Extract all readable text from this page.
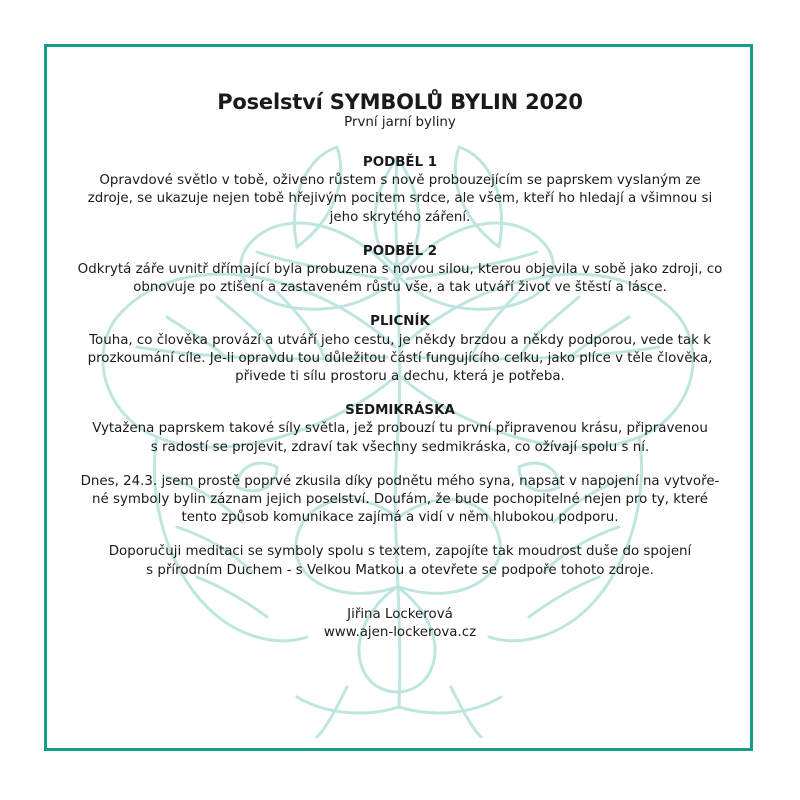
Poselství SYMBOLŮ BYLIN 2020

První jarní byliny

PODBĚL 1

Opravdové světlo v tobě, oživeno růstem s nově probouzejícím se paprskem vyslaným ze
zdroje, se ukazuje nejen tobě hřejivým pocitem srdce, ale všem, kteří ho hledají a všimnou si
jeho skrytého záření.

PODBĚL 2

Odkrytá záře uvnitř dřímající byla probuzena s novou silou, kterou objevila v sobě jako zdroji, co
obnovuje po ztišení a zastaveném růstu vše, a tak utváří život ve štěstí a lásce.

PLICNÍK

Touha, co člověka provází a utváří jeho cestu, je někdy brzdou a někdy podporou, vede tak k
prozkoumání cíle. Je-li opravdu tou důležitou částí fungujícího celku, jako plíce v těle člověka,
přivede ti sílu prostoru a dechu, která je potřeba.

SEDMIKRÁSKA

Vytažena paprskem takové síly světla, jež probouzí tu první připravenou krásu, připravenou
s radostí se projevit, zdraví tak všechny sedmikráska, co ožívají spolu s ní.
Dnes, 24.3. jsem prostě poprvé zkusila díky podnětu mého syna, napsat v napojení na vytvoře-
né symboly bylin záznam jejich poselství. Doufám, že bude pochopitelné nejen pro ty, které
tento způsob komunikace zajímá a vidí v něm hlubokou podporu.
Doporučuji meditaci se symboly spolu s textem, zapojíte tak moudrost duše do spojení
s přírodním Duchem - s Velkou Matkou a otevřete se podpoře tohoto zdroje.
Jiřina Lockerová
www.ajen-lockerova.cz
